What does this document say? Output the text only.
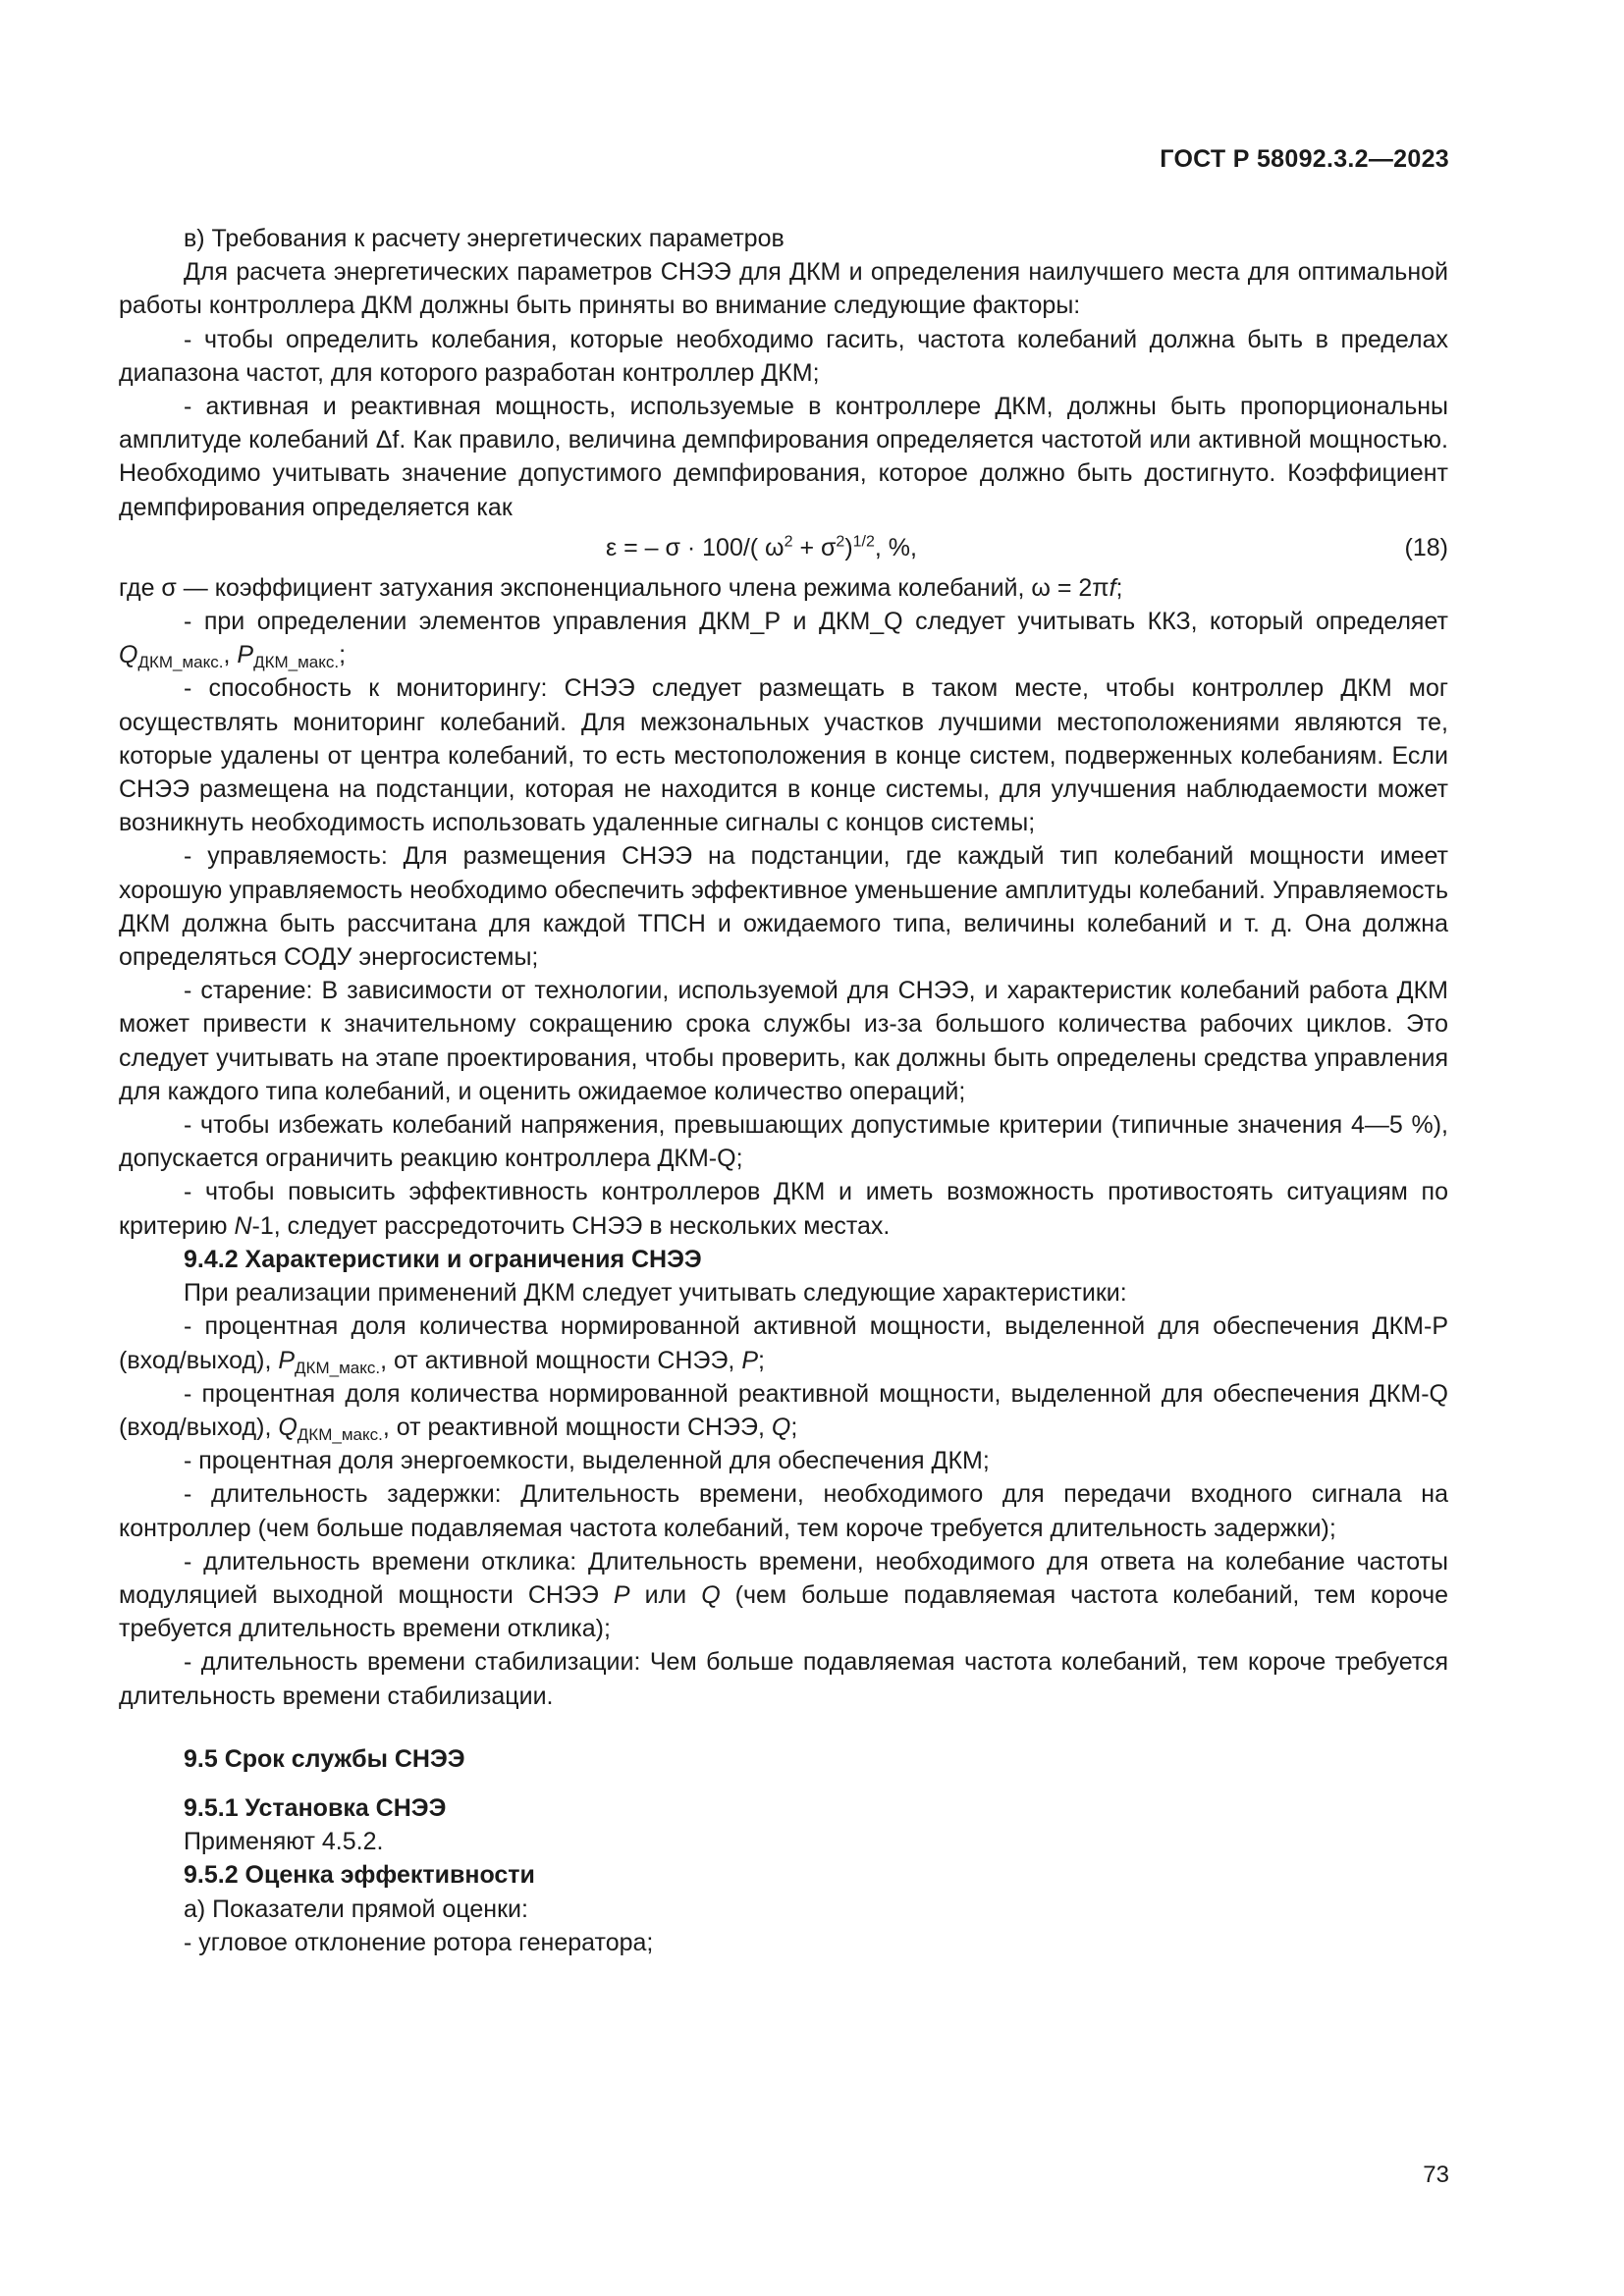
ГОСТ Р 58092.3.2—2023

в) Требования к расчету энергетических параметров

Для расчета энергетических параметров СНЭЭ для ДКМ и определения наилучшего места для оптимальной работы контроллера ДКМ должны быть приняты во внимание следующие факторы:

- чтобы определить колебания, которые необходимо гасить, частота колебаний должна быть в пределах диапазона частот, для которого разработан контроллер ДКМ;

- активная и реактивная мощность, используемые в контроллере ДКМ, должны быть пропорциональны амплитуде колебаний Δf. Как правило, величина демпфирования определяется частотой или активной мощностью. Необходимо учитывать значение допустимого демпфирования, которое должно быть достигнуто. Коэффициент демпфирования определяется как

ε = – σ · 100/( $\omega^2 + \sigma^2)^{1/2}$, %,	(18)

где σ — коэффициент затухания экспоненциального члена режима колебаний, ω = 2πf;

- при определении элементов управления ДКМ_Р и ДКМ_Q следует учитывать ККЗ, который определяет $Q_{ДКМ\_макс.}$, $P_{ДКМ\_макс.}$;

- способность к мониторингу: СНЭЭ следует размещать в таком месте, чтобы контроллер ДКМ мог осуществлять мониторинг колебаний. Для межзональных участков лучшими местоположениями являются те, которые удалены от центра колебаний, то есть местоположения в конце систем, подверженных колебаниям. Если СНЭЭ размещена на подстанции, которая не находится в конце системы, для улучшения наблюдаемости может возникнуть необходимость использовать удаленные сигналы с концов системы;

- управляемость: Для размещения СНЭЭ на подстанции, где каждый тип колебаний мощности имеет хорошую управляемость необходимо обеспечить эффективное уменьшение амплитуды колебаний. Управляемость ДКМ должна быть рассчитана для каждой ТПСН и ожидаемого типа, величины колебаний и т. д. Она должна определяться СОДУ энергосистемы;

- старение: В зависимости от технологии, используемой для СНЭЭ, и характеристик колебаний работа ДКМ может привести к значительному сокращению срока службы из-за большого количества рабочих циклов. Это следует учитывать на этапе проектирования, чтобы проверить, как должны быть определены средства управления для каждого типа колебаний, и оценить ожидаемое количество операций;

- чтобы избежать колебаний напряжения, превышающих допустимые критерии (типичные значения 4—5 %), допускается ограничить реакцию контроллера ДКМ-Q;

- чтобы повысить эффективность контроллеров ДКМ и иметь возможность противостоять ситуациям по критерию N-1, следует рассредоточить СНЭЭ в нескольких местах.

9.4.2 Характеристики и ограничения СНЭЭ

При реализации применений ДКМ следует учитывать следующие характеристики:

- процентная доля количества нормированной активной мощности, выделенной для обеспечения ДКМ-Р (вход/выход), $P_{ДКМ\_макс.}$, от активной мощности СНЭЭ, P;

- процентная доля количества нормированной реактивной мощности, выделенной для обеспечения ДКМ-Q (вход/выход), $Q_{ДКМ\_макс.}$, от реактивной мощности СНЭЭ, Q;

- процентная доля энергоемкости, выделенной для обеспечения ДКМ;

- длительность задержки: Длительность времени, необходимого для передачи входного сигнала на контроллер (чем больше подавляемая частота колебаний, тем короче требуется длительность задержки);

- длительность времени отклика: Длительность времени, необходимого для ответа на колебание частоты модуляцией выходной мощности СНЭЭ P или Q (чем больше подавляемая частота колебаний, тем короче требуется длительность времени отклика);

- длительность времени стабилизации: Чем больше подавляемая частота колебаний, тем короче требуется длительность времени стабилизации.

9.5 Срок службы СНЭЭ

9.5.1 Установка СНЭЭ

Применяют 4.5.2.

9.5.2 Оценка эффективности

а) Показатели прямой оценки:

- угловое отклонение ротора генератора;

73
